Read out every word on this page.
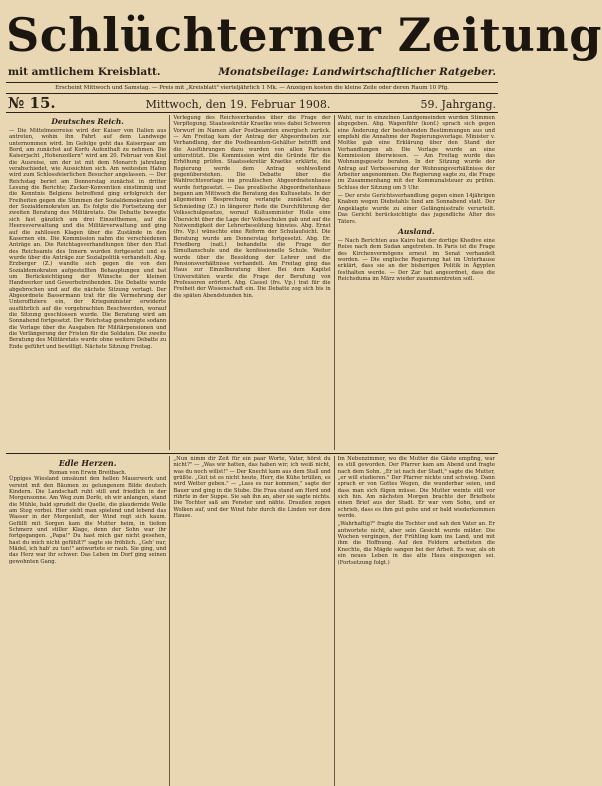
Schlüchterner Zeitung
mit amtlichem Kreisblatt.	Monatsbeilage: Landwirtschaftlicher Ratgeber.
Erscheint Mittwoch und Samstag. — Preis mit „Kreisblatt" vierteljährlich 1 Mk. — Anzeigen kosten die kleine Zeile oder deren Raum 10 Pfg.
№ 15.	Mittwoch, den 19. Februar 1908.	59. Jahrgang.
Deutsches Reich.
— Die Mittelmeerreise wird der Kaiser von Italien aus antreten, wohin ihn Fahrt auf dem Landwege unternommen wird. Im Gefolge geht das Kaiserpaar am Bord, am zunächst auf Korfu Aufenthalt zu nehmen. Die Kaiserjacht „Hohenzollern" wird am 20. Februar von Kiel die Ausreise, um der ist mit dem Monarch jahrelang verabschiedet, wie Aussichten sich. Am weitesten Hafen wird zum Schlossfeierlichen Besucher angelassen. — Der Reichstag beriet am Donnerstag zunächst in dritter Lesung die Berichte; Zucker-Konvention einstimmig und die Kenntnis Belgiens betreffend ging erfolgreich der Freiheiten gegen die Stimmen der Sozialdemokraten und der Sozialdemokraten an. Es folgte die Fortsetzung der zweiten Beratung des Militäretats. Die Debatte bewegte sich fast gänzlich um drei Einzelthemen, auf die Heeresverwaltung und die Militärverwaltung und ging auf die zahllosen Klagen über die Zustände in den Kasernen ein. Die Kommission nahm die verschiedenen Anträge an. Die Reichtagsverhandlungen über den Etat des Reichsamts des Innern wurden fortgesetzt und es wurde über die Anträge zur Sozialpolitik verhandelt. Abg. Erzberger (Z.) wandte sich gegen die von den Sozialdemokraten aufgestellten Behauptungen und bat um Berücksichtigung der Wünsche der kleinen Handwerker und Gewerbetreibenden. Die Debatte wurde abgebrochen und auf die nächste Sitzung vertagt. Der Abgeordnete Bassermann trat für die Vermehrung der Unteroffiziere ein, der Kriegsminister erwiderte ausführlich auf die vorgebrachten Beschwerden, worauf die Sitzung geschlossen wurde. Die Beratung wird am Sonnabend fortgesetzt. Der Reichstag genehmigte sodann die Vorlage über die Ausgaben für Militärpensionen und die Verlängerung der Fristen für die Soldaten. Die zweite Beratung des Militäretats wurde ohne weitere Debatte zu Ende geführt und bewilligt. Nächste Sitzung Freitag.
Verlegung des Reichsverbandes über die Frage der Verpflegung. Staatssekretär Kraetke wies dabei Schweren Vorwurf im Namen aller Postbeamten energisch zurück. — Am Freitag kam der Antrag der Abgeordneten zur Verhandlung, der die Postbeamten-Gehälter betrifft und die Ausführungen dazu wurden von allen Parteien unterstützt. Die Kommission wird die Gründe für die Erhöhung prüfen. Staatssekretär Kraetke erklärte, die Regierung werde dem Antrag wohlwollend gegenüberstehen. Die Debatte über die Wahlrechtsvorlage im preußischen Abgeordnetenhause wurde fortgesetzt. — Das preußische Abgeordnetenhaus begann am Mittwoch die Beratung des Kultusetats. In der allgemeinen Besprechung verlangte zunächst Abg. Schmieding (Z.) in längerer Rede die Durchführung der Volksschulgesetze, worauf Kultusminister Holle eine Übersicht über die Lage der Volksschulen gab und auf die Notwendigkeit der Lehrerbesoldung hinwies. Abg. Ernst (frs. Vp.) wünschte eine Reform der Schulaufsicht. Die Beratung wurde am Donnerstag fortgesetzt. Abg. Dr. Friedberg (natl.) behandelte die Frage der Simultanschule und die konfessionelle Schule. Weiter wurde über die Besoldung der Lehrer und die Pensionsverhältnisse verhandelt. Am Freitag ging das Haus zur Einzelberatung über. Bei dem Kapitel Universitäten wurde die Frage der Berufung von Professoren erörtert. Abg. Cassel (frs. Vp.) trat für die Freiheit der Wissenschaft ein. Die Debatte zog sich bis in die späten Abendstunden hin.
Wahl, nur in einzelnen Landgemeinden wurden Stimmen abgegeben. Abg. Wagenführ (konf.) sprach sich gegen eine Änderung der bestehenden Bestimmungen aus und empfahl die Annahme der Regierungsvorlage. Minister v. Moltke gab eine Erklärung über den Stand der Verhandlungen ab. Die Vorlage wurde an eine Kommission überwiesen. — Am Freitag wurde das Wohnungsgesetz beraten. In der Sitzung wurde der Antrag auf Verbesserung der Wohnungsverhältnisse der Arbeiter angenommen. Die Regierung sagte zu, die Frage im Zusammenhang mit der Kommunalsteuer zu prüfen. Schluss der Sitzung um 5 Uhr.
— Der erste Gerichtsverhandlung gegen einen 14jährigen Knaben wegen Diebstahls fand am Sonnabend statt. Der Angeklagte wurde zu einer Gefängnisstrafe verurteilt. Das Gericht berücksichtigte das jugendliche Alter des Täters.
Ausland.
— Nach Berichten aus Kairo hat der dortige Khedive eine Reise nach dem Sudan angetreten. In Paris ist die Frage des Kirchenvermögens erneut im Senat verhandelt worden. — Die englische Regierung hat im Unterhause erklärt, dass sie an der bisherigen Politik in Ägypten festhalten werde. — Der Zar hat angeordnet, dass die Reichsduma im März wieder zusammentreten soll.
Edle Herzen.
Roman von Erwin Breitbach.
Üppiges Wiesland umsäumt den hellen Mauerwerk und vereint mit den Bäumen zu gelungenem Bilde deutsch Kindern. Die Landschaft ruht still und friedlich in der Morgensonne. Am Weg zum Dorfe, eh wir anlangen, stand die Mühle, bald sprudelt die Quelle, die plaudernde Welle am Steg vorbei. Hier sieht man spielend und lebend das Wasser in der Morgenluft, der Wind regt sich kaum. Gefüllt mit Sorgen kam die Mutter heim, in tiefem Schmerz und stiller Klage, denn der Sohn war ihr fortgegangen. „Papa!" Du hast mich gar nicht gesehen, hast du mich nicht gefühlt?" sagte sie fröhlich. „Geh' nur, Mädel, ich hab' zu tun!" antwortete er rauh. Sie ging, und das Herz war ihr schwer. Das Leben im Dorf ging seinen gewohnten Gang.
„Nun nimm dir Zeit für ein paar Worte, Vater, hörst du nicht?" — „Was wir hatten, das haben wir; ich weiß nicht, was du noch willst!" — Der Knecht kam aus dem Stall und grüßte. „Gut ist es nicht heute, Herr, die Kühe brüllen, es wird Wetter geben." — „Lass es nur kommen," sagte der Bauer und ging in die Stube. Die Frau stand am Herd und rührte in der Suppe. Sie sah ihn an, aber sie sagte nichts. Die Tochter saß am Fenster und nähte. Draußen zogen Wolken auf, und der Wind fuhr durch die Linden vor dem Hause.
Im Nebenzimmer, wo die Mutter die Gäste empfing, war es still geworden. Der Pfarrer kam am Abend und fragte nach dem Sohn. „Er ist nach der Stadt," sagte die Mutter, „er will studieren." Der Pfarrer nickte und schwieg. Dann sprach er von Gottes Wegen, die wunderbar seien, und dass man sich fügen müsse. Die Mutter weinte still vor sich hin. Am nächsten Morgen brachte der Briefbote einen Brief aus der Stadt. Er war vom Sohn, und er schrieb, dass es ihm gut gehe und er bald wiederkommen werde.
„Wahrhaftig?" fragte die Tochter und sah den Vater an. Er antwortete nicht, aber sein Gesicht wurde milder. Die Wochen vergingen, der Frühling kam ins Land, und mit ihm die Hoffnung. Auf den Feldern arbeiteten die Knechte, die Mägde sangen bei der Arbeit. Es war, als ob ein neues Leben in das alte Haus eingezogen sei. (Fortsetzung folgt.)
